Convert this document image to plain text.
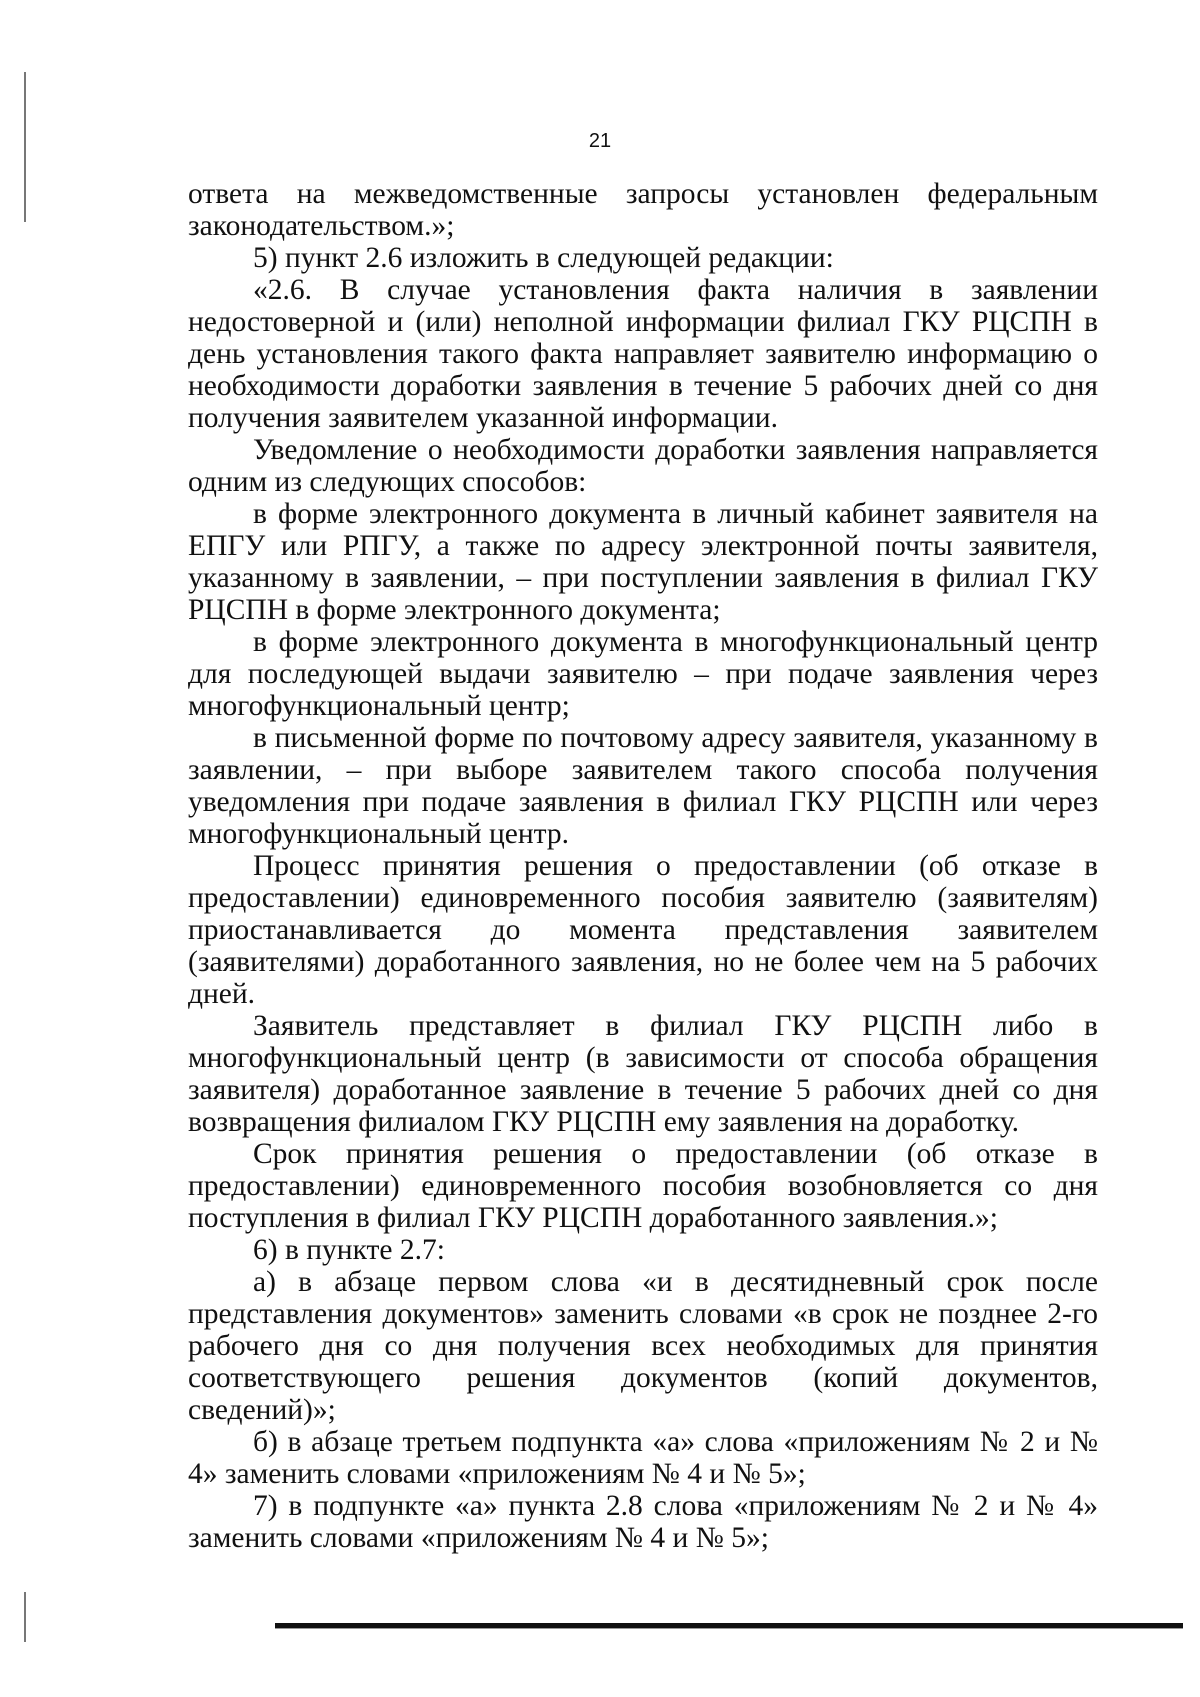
21

ответа на межведомственные запросы установлен федеральным законодательством.»;

5) пункт 2.6 изложить в следующей редакции:

«2.6. В случае установления факта наличия в заявлении недостоверной и (или) неполной информации филиал ГКУ РЦСПН в день установления такого факта направляет заявителю информацию о необходимости доработки заявления в течение 5 рабочих дней со дня получения заявителем указанной информации.

Уведомление о необходимости доработки заявления направляется одним из следующих способов:

в форме электронного документа в личный кабинет заявителя на ЕПГУ или РПГУ, а также по адресу электронной почты заявителя, указанному в заявлении, – при поступлении заявления в филиал ГКУ РЦСПН в форме электронного документа;

в форме электронного документа в многофункциональный центр для последующей выдачи заявителю – при подаче заявления через многофункциональный центр;

в письменной форме по почтовому адресу заявителя, указанному в заявлении, – при выборе заявителем такого способа получения уведомления при подаче заявления в филиал ГКУ РЦСПН или через многофункциональный центр.

Процесс принятия решения о предоставлении (об отказе в предоставлении) единовременного пособия заявителю (заявителям) приостанавливается до момента представления заявителем (заявителями) доработанного заявления, но не более чем на 5 рабочих дней.

Заявитель представляет в филиал ГКУ РЦСПН либо в многофункциональный центр (в зависимости от способа обращения заявителя) доработанное заявление в течение 5 рабочих дней со дня возвращения филиалом ГКУ РЦСПН ему заявления на доработку.

Срок принятия решения о предоставлении (об отказе в предоставлении) единовременного пособия возобновляется со дня поступления в филиал ГКУ РЦСПН доработанного заявления.»;

6) в пункте 2.7:

а) в абзаце первом слова «и в десятидневный срок после представления документов» заменить словами «в срок не позднее 2-го рабочего дня со дня получения всех необходимых для принятия соответствующего решения документов (копий документов, сведений)»;

б) в абзаце третьем подпункта «а» слова «приложениям № 2 и № 4» заменить словами «приложениям № 4 и № 5»;

7) в подпункте «а» пункта 2.8 слова «приложениям № 2 и № 4» заменить словами «приложениям № 4 и № 5»;
